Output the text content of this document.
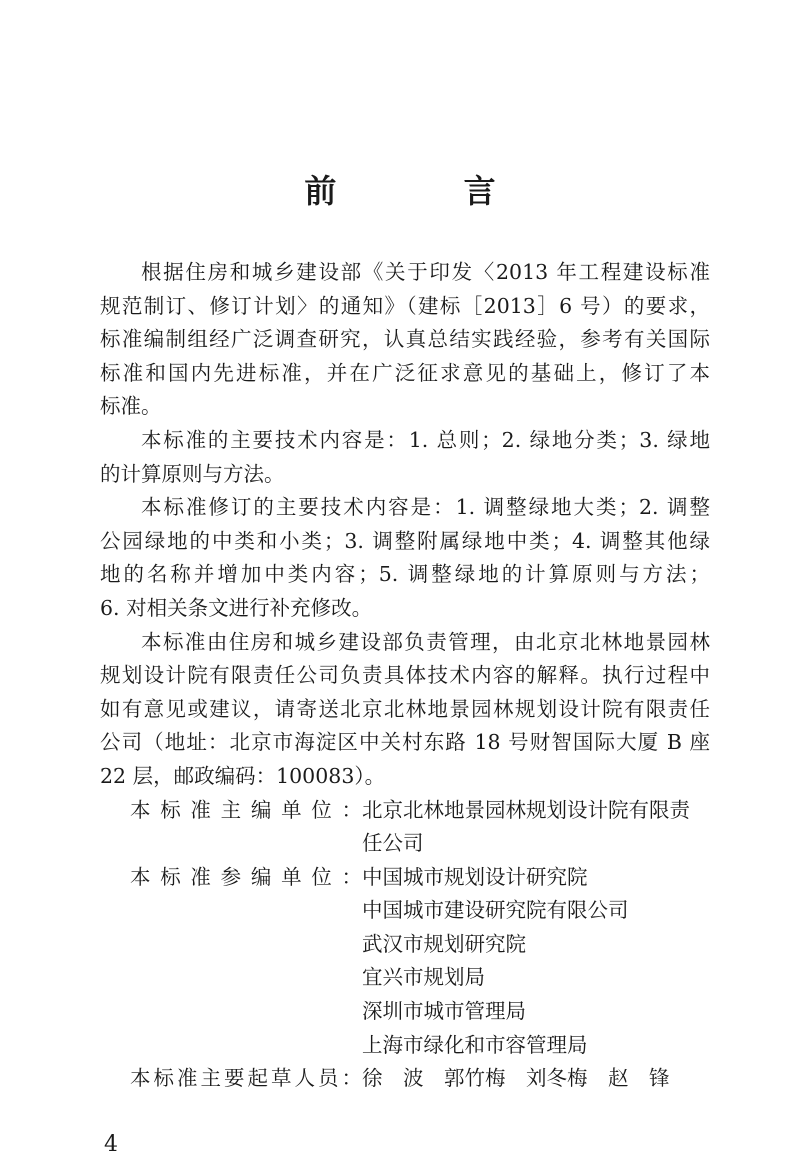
前 言
根据住房和城乡建设部《关于印发〈2013 年工程建设标准
规范制订、修订计划〉的通知》（建标［2013］6 号）的要求，
标准编制组经广泛调查研究，认真总结实践经验，参考有关国际
标准和国内先进标准，并在广泛征求意见的基础上，修订了本
标准。
本标准的主要技术内容是：1. 总则；2. 绿地分类；3. 绿地
的计算原则与方法。
本标准修订的主要技术内容是：1. 调整绿地大类；2. 调整
公园绿地的中类和小类；3. 调整附属绿地中类；4. 调整其他绿
地的名称并增加中类内容；5. 调整绿地的计算原则与方法；
6. 对相关条文进行补充修改。
本标准由住房和城乡建设部负责管理，由北京北林地景园林
规划设计院有限责任公司负责具体技术内容的解释。执行过程中
如有意见或建议，请寄送北京北林地景园林规划设计院有限责任
公司（地址：北京市海淀区中关村东路 18 号财智国际大厦 B 座
22 层，邮政编码：100083）。
本标准主编单位： 北京北林地景园林规划设计院有限责
任公司
本标准参编单位： 中国城市规划设计研究院
中国城市建设研究院有限公司
武汉市规划研究院
宜兴市规划局
深圳市城市管理局
上海市绿化和市容管理局
本标准主要起草人员： 徐　波　郭竹梅　刘冬梅　赵　锋
4
